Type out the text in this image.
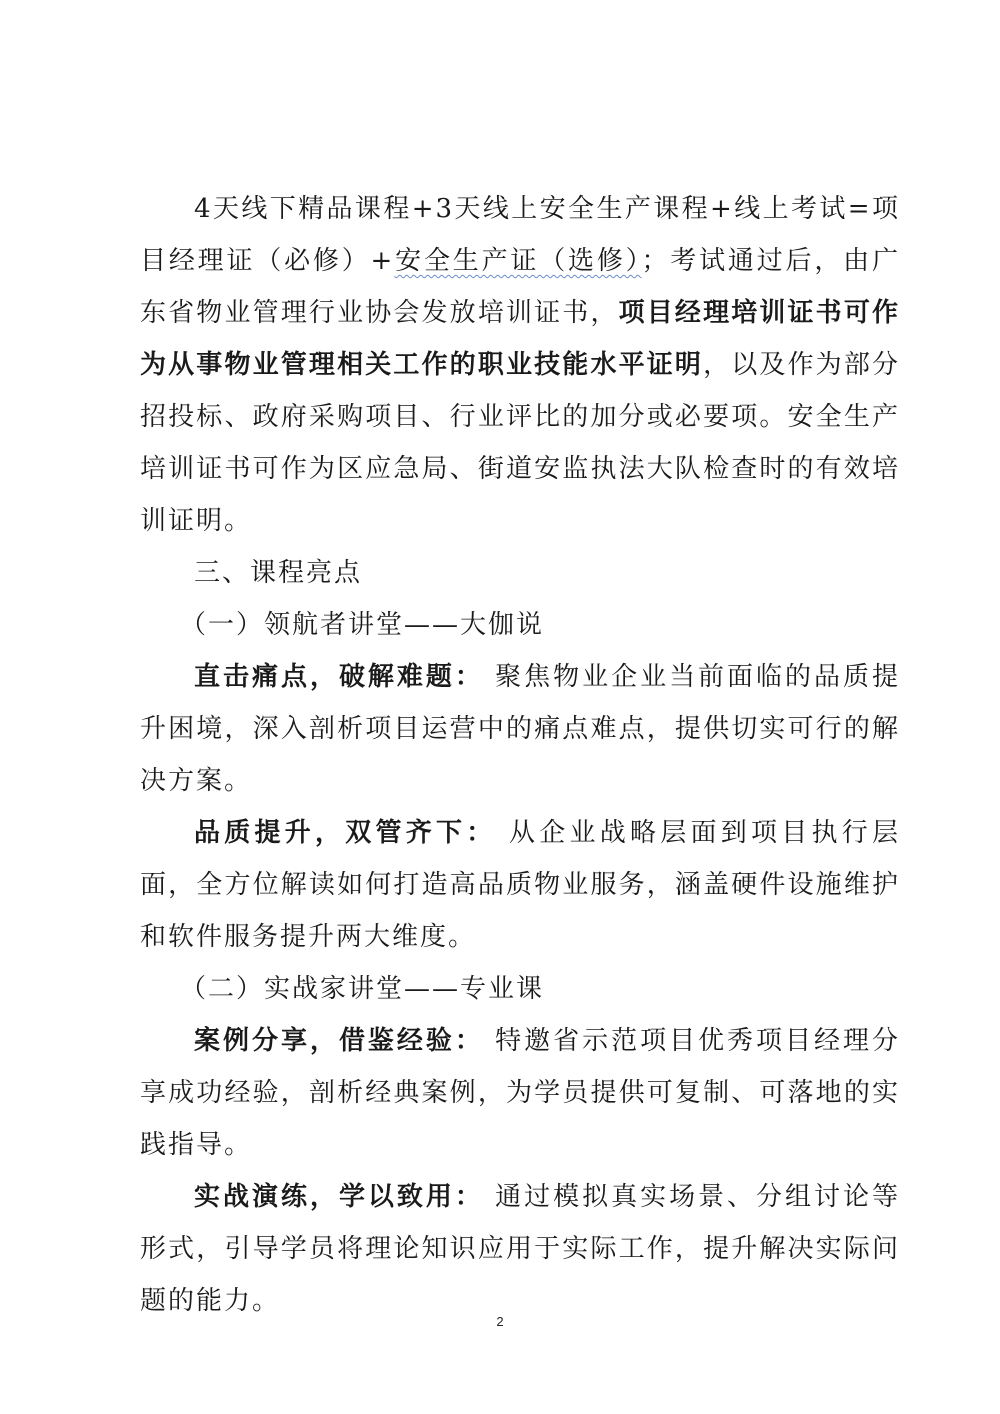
4天线下精品课程+3天线上安全生产课程+线上考试=项目经理证（必修）+安全生产证（选修）；考试通过后，由广东省物业管理行业协会发放培训证书，项目经理培训证书可作为从事物业管理相关工作的职业技能水平证明，以及作为部分招投标、政府采购项目、行业评比的加分或必要项。安全生产培训证书可作为区应急局、街道安监执法大队检查时的有效培训证明。

三、课程亮点

（一）领航者讲堂——大伽说

直击痛点，破解难题： 聚焦物业企业当前面临的品质提升困境，深入剖析项目运营中的痛点难点，提供切实可行的解决方案。

品质提升，双管齐下： 从企业战略层面到项目执行层面，全方位解读如何打造高品质物业服务，涵盖硬件设施维护和软件服务提升两大维度。

（二）实战家讲堂——专业课

案例分享，借鉴经验： 特邀省示范项目优秀项目经理分享成功经验，剖析经典案例，为学员提供可复制、可落地的实践指导。

实战演练，学以致用： 通过模拟真实场景、分组讨论等形式，引导学员将理论知识应用于实际工作，提升解决实际问题的能力。

2
